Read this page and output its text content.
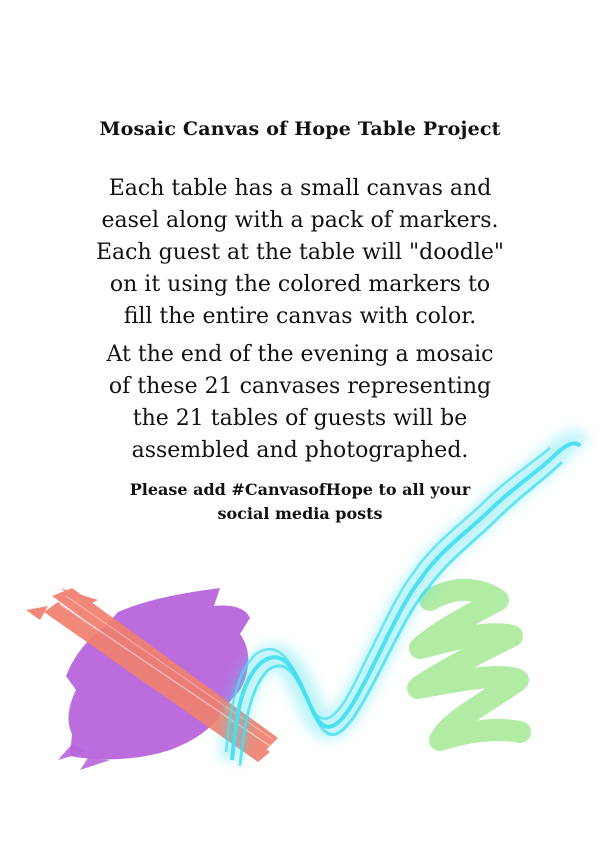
Mosaic Canvas of Hope Table Project

Each table has a small canvas and
easel along with a pack of markers.
Each guest at the table will "doodle"
on it using the colored markers to
fill the entire canvas with color.

At the end of the evening a mosaic
of these 21 canvases representing
the 21 tables of guests will be
assembled and photographed.

Please add #CanvasofHope to all your
social media posts
